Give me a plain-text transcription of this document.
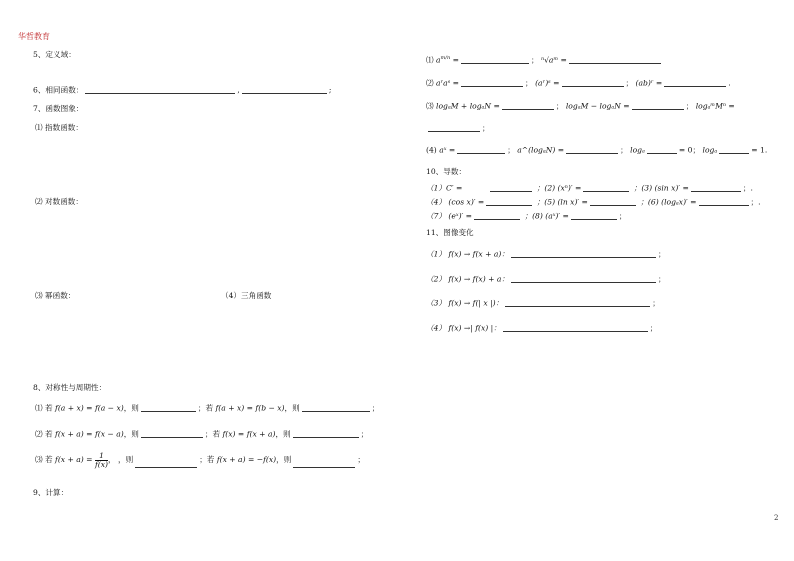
华哲教育
5、定义域：
6、相同函数：	,	;
7、函数图象：
⑴ 指数函数：
⑵ 对数函数：
⑶ 幂函数：	（4）三角函数
8、对称性与周期性：
⑴ 若 f(a + x) = f(a − x)，则	；若 f(a + x) = f(b − x)，则	；
⑵ 若 f(x + a) = f(x − a)，则	；若 f(x) = f(x + a)，则	；
⑶ 若 $f(x + a) = \frac{1}{f(x)}$ ， ，则	；若 f(x + a) = −f(x)，则	；
9、计算：
⑴ $a^{m/n}$ =	； ⁿ√aᵐ =
⑵ aʳaˢ =	； (aʳ)ˢ =	； (ab)ʳ =	.
⑶ logₐM + logₐN =	； logₐM − logₐN =	； logₐᵐMⁿ =
；
(4) aˣ =	； a^(logₐN) =	； logₐ	= 0； logₐ	= 1.
10、导数：
（1）C′ =	；(2) (xⁿ)′ =	；(3) (sin x)′ =	；.
（4） (cos x)′ =	；(5) (ln x)′ =	；(6) (logₐx)′ =	；.
（7） (eˣ)′ =	；(8) (aˣ)′ =	；
11、图像变化
（1） f(x) → f(x + a)：	；
（2） f(x) → f(x) + a：	；
（3） f(x) → f(| x |)：	；
（4） f(x) →| f(x) |：	；
2
